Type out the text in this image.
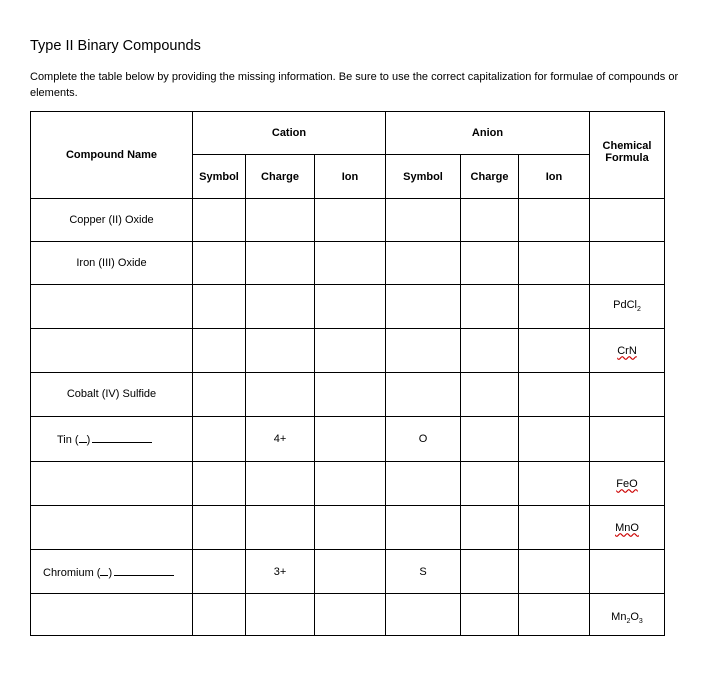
Type II Binary Compounds

Complete the table below by providing the missing information. Be sure to use the correct capitalization for formulae of compounds or elements.

Compound Name	Cation			Anion			Chemical
Formula
	Symbol	Charge	Ion	Symbol	Charge	Ion	
Copper (II) Oxide							
Iron (III) Oxide							
							PdCl$_2$
							CrN
Cobalt (IV) Sulfide							
Tin ( )		4+		O			
							FeO
							MnO
Chromium ( )		3+		S			
							$Mn_2O_3$
